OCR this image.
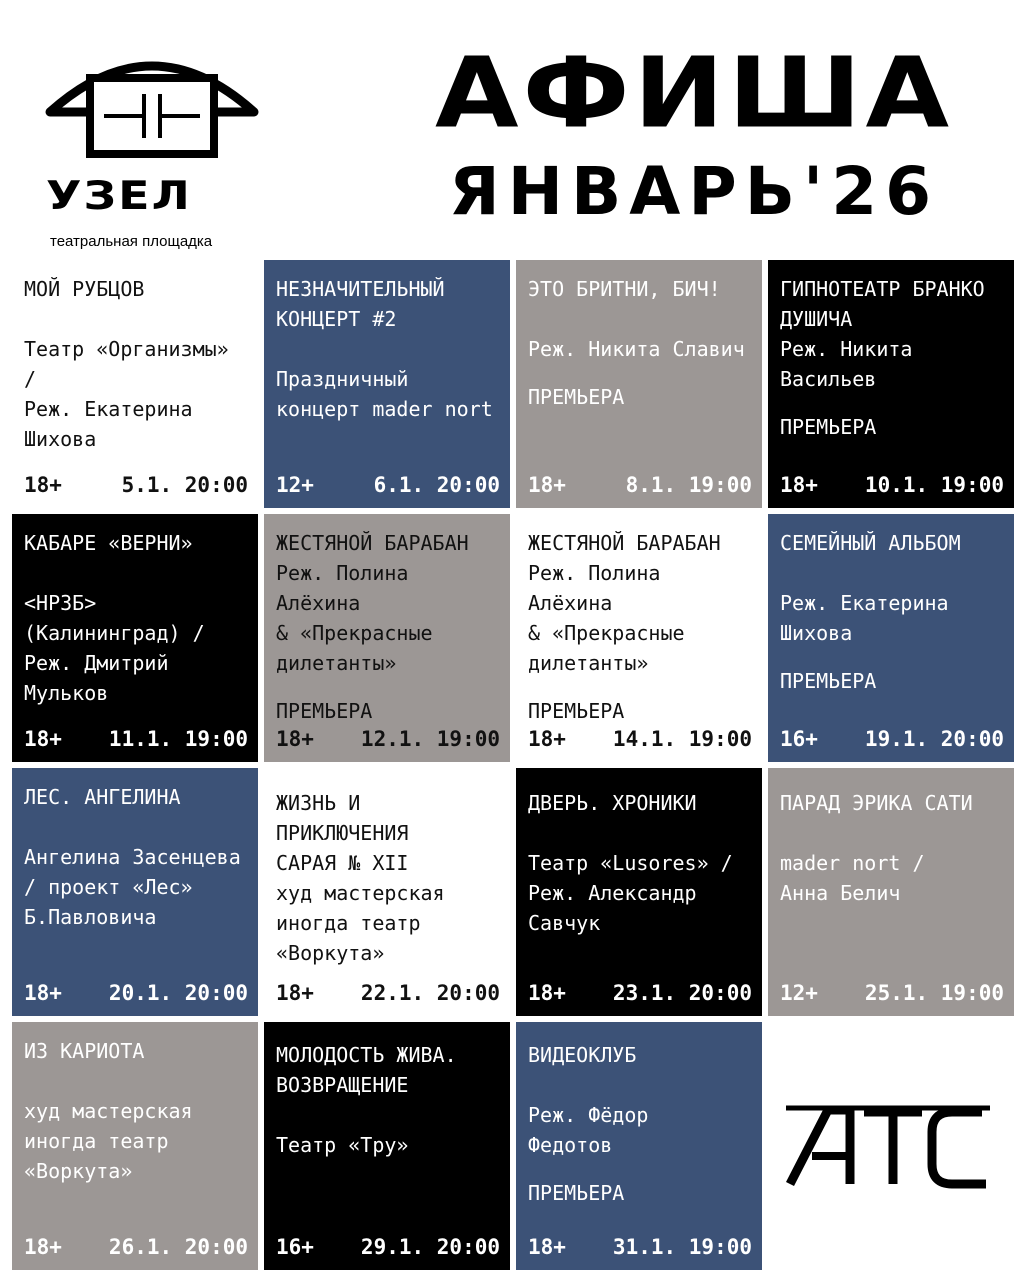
УЗЕЛ
театральная площадка
АФИША
ЯНВАРЬ'26
МОЙ РУБЦОВ
Театр «Организмы» /
Реж. Екатерина
Шихова
18+	5.1. 20:00
НЕЗНАЧИТЕЛЬНЫЙ
КОНЦЕРТ #2
Праздничный
концерт mader nort
12+	6.1. 20:00
ЭТО БРИТНИ, БИЧ!
Реж. Никита Славич
ПРЕМЬЕРА
18+	8.1. 19:00
ГИПНОТЕАТР БРАНКО
ДУШИЧА
Реж. Никита
Васильев
ПРЕМЬЕРА
18+ 10.1. 19:00
КАБАРЕ «ВЕРНИ»
<НРЗБ>
(Калининград) /
Реж. Дмитрий
Мульков
18+ 11.1. 19:00
ЖЕСТЯНОЙ БАРАБАН
Реж. Полина Алёхина
& «Прекрасные
дилетанты»
ПРЕМЬЕРА
18+ 12.1. 19:00
ЖЕСТЯНОЙ БАРАБАН
Реж. Полина Алёхина
& «Прекрасные
дилетанты»
ПРЕМЬЕРА
18+ 14.1. 19:00
СЕМЕЙНЫЙ АЛЬБОМ
Реж. Екатерина
Шихова
ПРЕМЬЕРА
16+ 19.1. 20:00
ЛЕС. АНГЕЛИНА
Ангелина Засенцева
/ проект «Лес»
Б.Павловича
18+ 20.1. 20:00
ЖИЗНЬ И
ПРИКЛЮЧЕНИЯ
САРАЯ № XII
худ мастерская
иногда театр
«Воркута»
18+ 22.1. 20:00
ДВЕРЬ. ХРОНИКИ
Театр «Lusores» /
Реж. Александр
Савчук
18+ 23.1. 20:00
ПАРАД ЭРИКА САТИ
mader nort /
Анна Белич
12+ 25.1. 19:00
ИЗ КАРИОТА
худ мастерская
иногда театр
«Воркута»
18+ 26.1. 20:00
МОЛОДОСТЬ ЖИВА.
ВОЗВРАЩЕНИЕ
Театр «Тру»
16+ 29.1. 20:00
ВИДЕОКЛУБ
Реж. Фёдор
Федотов
ПРЕМЬЕРА
18+ 31.1. 19:00
